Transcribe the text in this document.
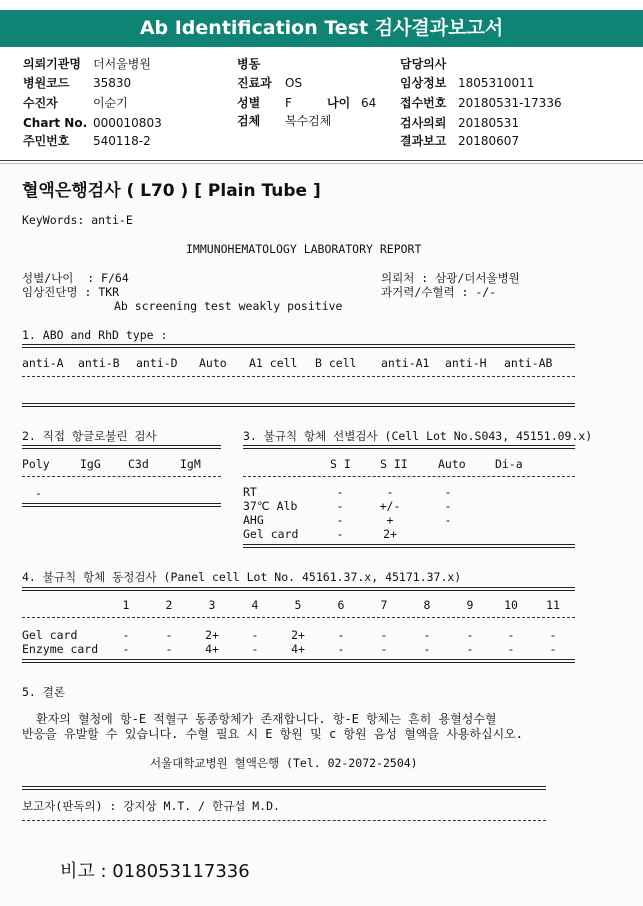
Ab Identification Test 검사결과보고서
의뢰기관명 더서울병원
병원코드 35830
수진자	이순기
Chart No. 000010803
주민번호 540118-2
병동
진료과 OS
성별 F	나이 64
검체 복수검체
담당의사
임상정보 1805310011
접수번호 20180531-17336
검사의뢰 20180531
결과보고 20180607
혈액은행검사 ( L70 ) [ Plain Tube ]
KeyWords: anti-E
IMMUNOHEMATOLOGY LABORATORY REPORT
성별/나이  : F/64
임상진단명 : TKR
Ab screening test weakly positive
의뢰처 : 삼광/더서울병원
과거력/수혈력 : -/-
1. ABO and RhD type :
anti-A anti-B anti-D Auto A1 cell B cell anti-A1 anti-H anti-AB
2. 직접 항글로불린 검사
Poly	IgG C3d	IgM
-
3. 불규칙 항체 선별검사 (Cell Lot No.S043, 45151.09.x)
S I	S II	Auto	Di-a
RT	-	-	-
37℃ Alb	-	+/-	-
AHG	-	+	-
Gel card	-	2+
4. 불규칙 항체 동정검사 (Panel cell Lot No. 45161.37.x, 45171.37.x)
1	2	3	4	5	6	7	8	9	10	11
Gel card	-	-	2+	-	2+	-	-	-	-	-	-
Enzyme card	-	-	4+	-	4+	-	-	-	-	-	-
5. 결론
환자의 혈청에 항-E 적혈구 동종항체가 존재합니다. 항-E 항체는 흔히 용혈성수혈
반응을 유발할 수 있습니다. 수혈 필요 시 E 항원 및 c 항원 음성 혈액을 사용하십시오.
서울대학교병원 혈액은행 (Tel. 02-2072-2504)
보고자(판독의) : 강지상 M.T. / 한규섭 M.D.
비고 : 018053117336
